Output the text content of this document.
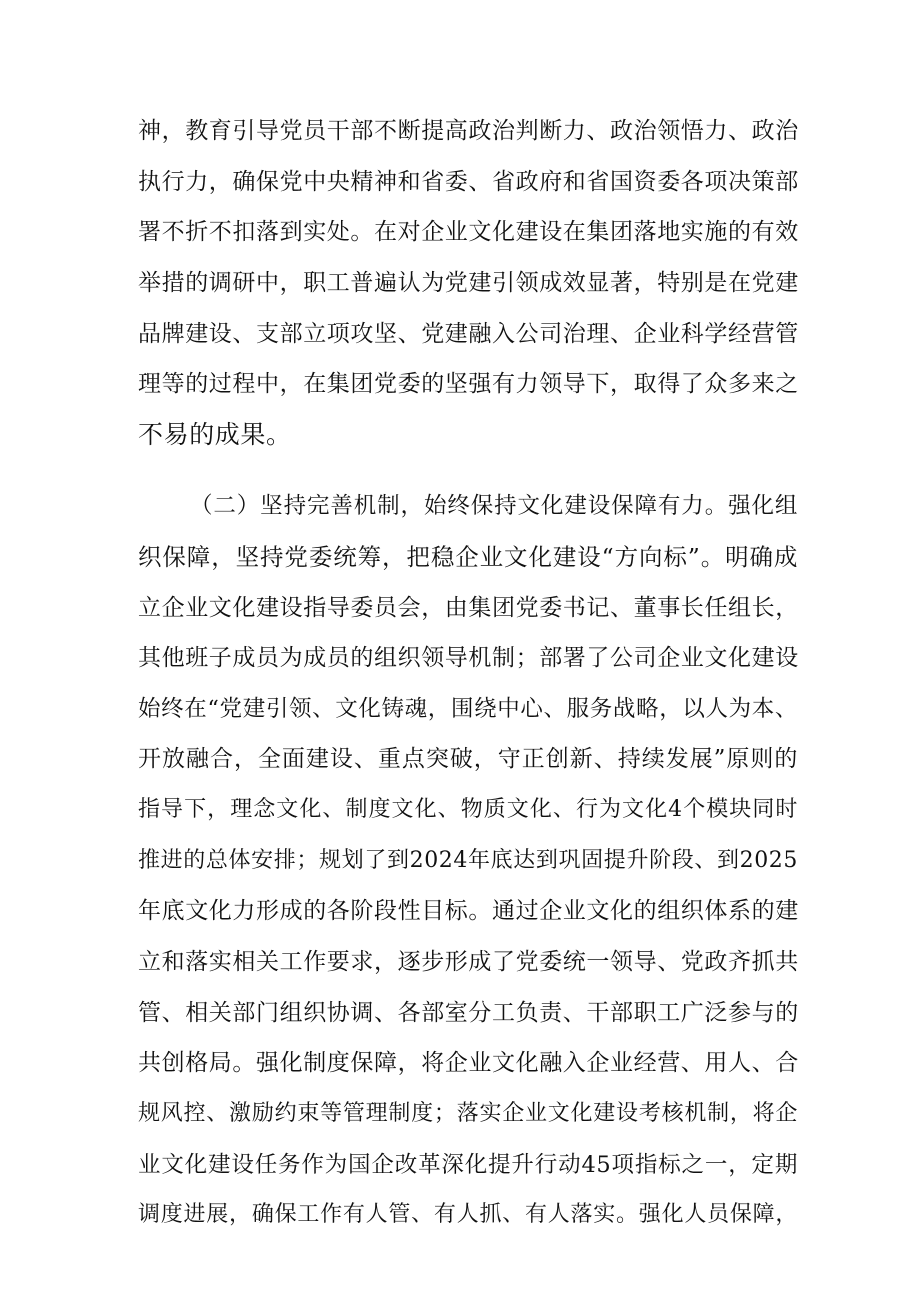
神，教育引导党员干部不断提高政治判断力、政治领悟力、政治

执行力，确保党中央精神和省委、省政府和省国资委各项决策部

署不折不扣落到实处。在对企业文化建设在集团落地实施的有效

举措的调研中，职工普遍认为党建引领成效显著，特别是在党建

品牌建设、支部立项攻坚、党建融入公司治理、企业科学经营管

理等的过程中，在集团党委的坚强有力领导下，取得了众多来之

不易的成果。

（二）坚持完善机制，始终保持文化建设保障有力。强化组

织保障，坚持党委统筹，把稳企业文化建设“方向标”。明确成

立企业文化建设指导委员会，由集团党委书记、董事长任组长，

其他班子成员为成员的组织领导机制；部署了公司企业文化建设

始终在“党建引领、文化铸魂，围绕中心、服务战略，以人为本、

开放融合，全面建设、重点突破，守正创新、持续发展”原则的

指导下，理念文化、制度文化、物质文化、行为文化4个模块同时

推进的总体安排；规划了到2024年底达到巩固提升阶段、到2025

年底文化力形成的各阶段性目标。通过企业文化的组织体系的建

立和落实相关工作要求，逐步形成了党委统一领导、党政齐抓共

管、相关部门组织协调、各部室分工负责、干部职工广泛参与的

共创格局。强化制度保障，将企业文化融入企业经营、用人、合

规风控、激励约束等管理制度；落实企业文化建设考核机制，将企

业文化建设任务作为国企改革深化提升行动45项指标之一，定期

调度进展，确保工作有人管、有人抓、有人落实。强化人员保障，
